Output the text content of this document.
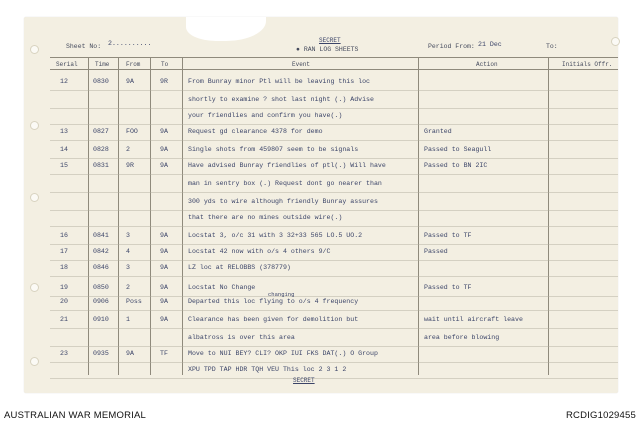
Sheet No: 2..........	SECRET
● RAN LOG SHEETS	Period From: 21 Dec	To:
Serial	Time	From	To	Event	Action	Initials Offr.
12	0830	9A	9R	From Bunray minor Ptl will be leaving this loc
shortly to examine ? shot last night (.) Advise
your friendlies and confirm you have(.)
13	0827	FOO	9A	Request gd clearance 4378 for demo	Granted
14	0828	2	9A	Single shots from 459807 seem to be signals	Passed to Seagull
15	0831	9R	9A	Have advised Bunray friendlies of ptl(.) Will have	Passed to BN 2IC
man in sentry box (.) Request dont go nearer than
300 yds to wire although friendly Bunray assures
that there are no mines outside wire(.)
16	0841	3	9A	Locstat 3, o/c 31 with 3 32+33 565 LO.5 UO.2	Passed to TF
17	0842	4	9A	Locstat 42 now with o/s 4 others 9/C	Passed
18	0846	3	9A	LZ loc at RELOBBS (378779)
19	0850	2	9A	Locstat No Change	Passed to TF
20	0906	Poss	9A	Departed this loc flying to o/s 4 frequency
21	0910	1	9A	Clearance has been given for demolition but	wait until aircraft leave
albatross is over this area	area before blowing
23	0935	9A	TF	Move to NUI BEY? CLI? OKP IUI FKS DAT(.) O Group
XPU TPD TAP HDR TQH VEU This loc 2 3 1 2
changing
SECRET
AUSTRALIAN WAR MEMORIAL	RCDIG1029455
